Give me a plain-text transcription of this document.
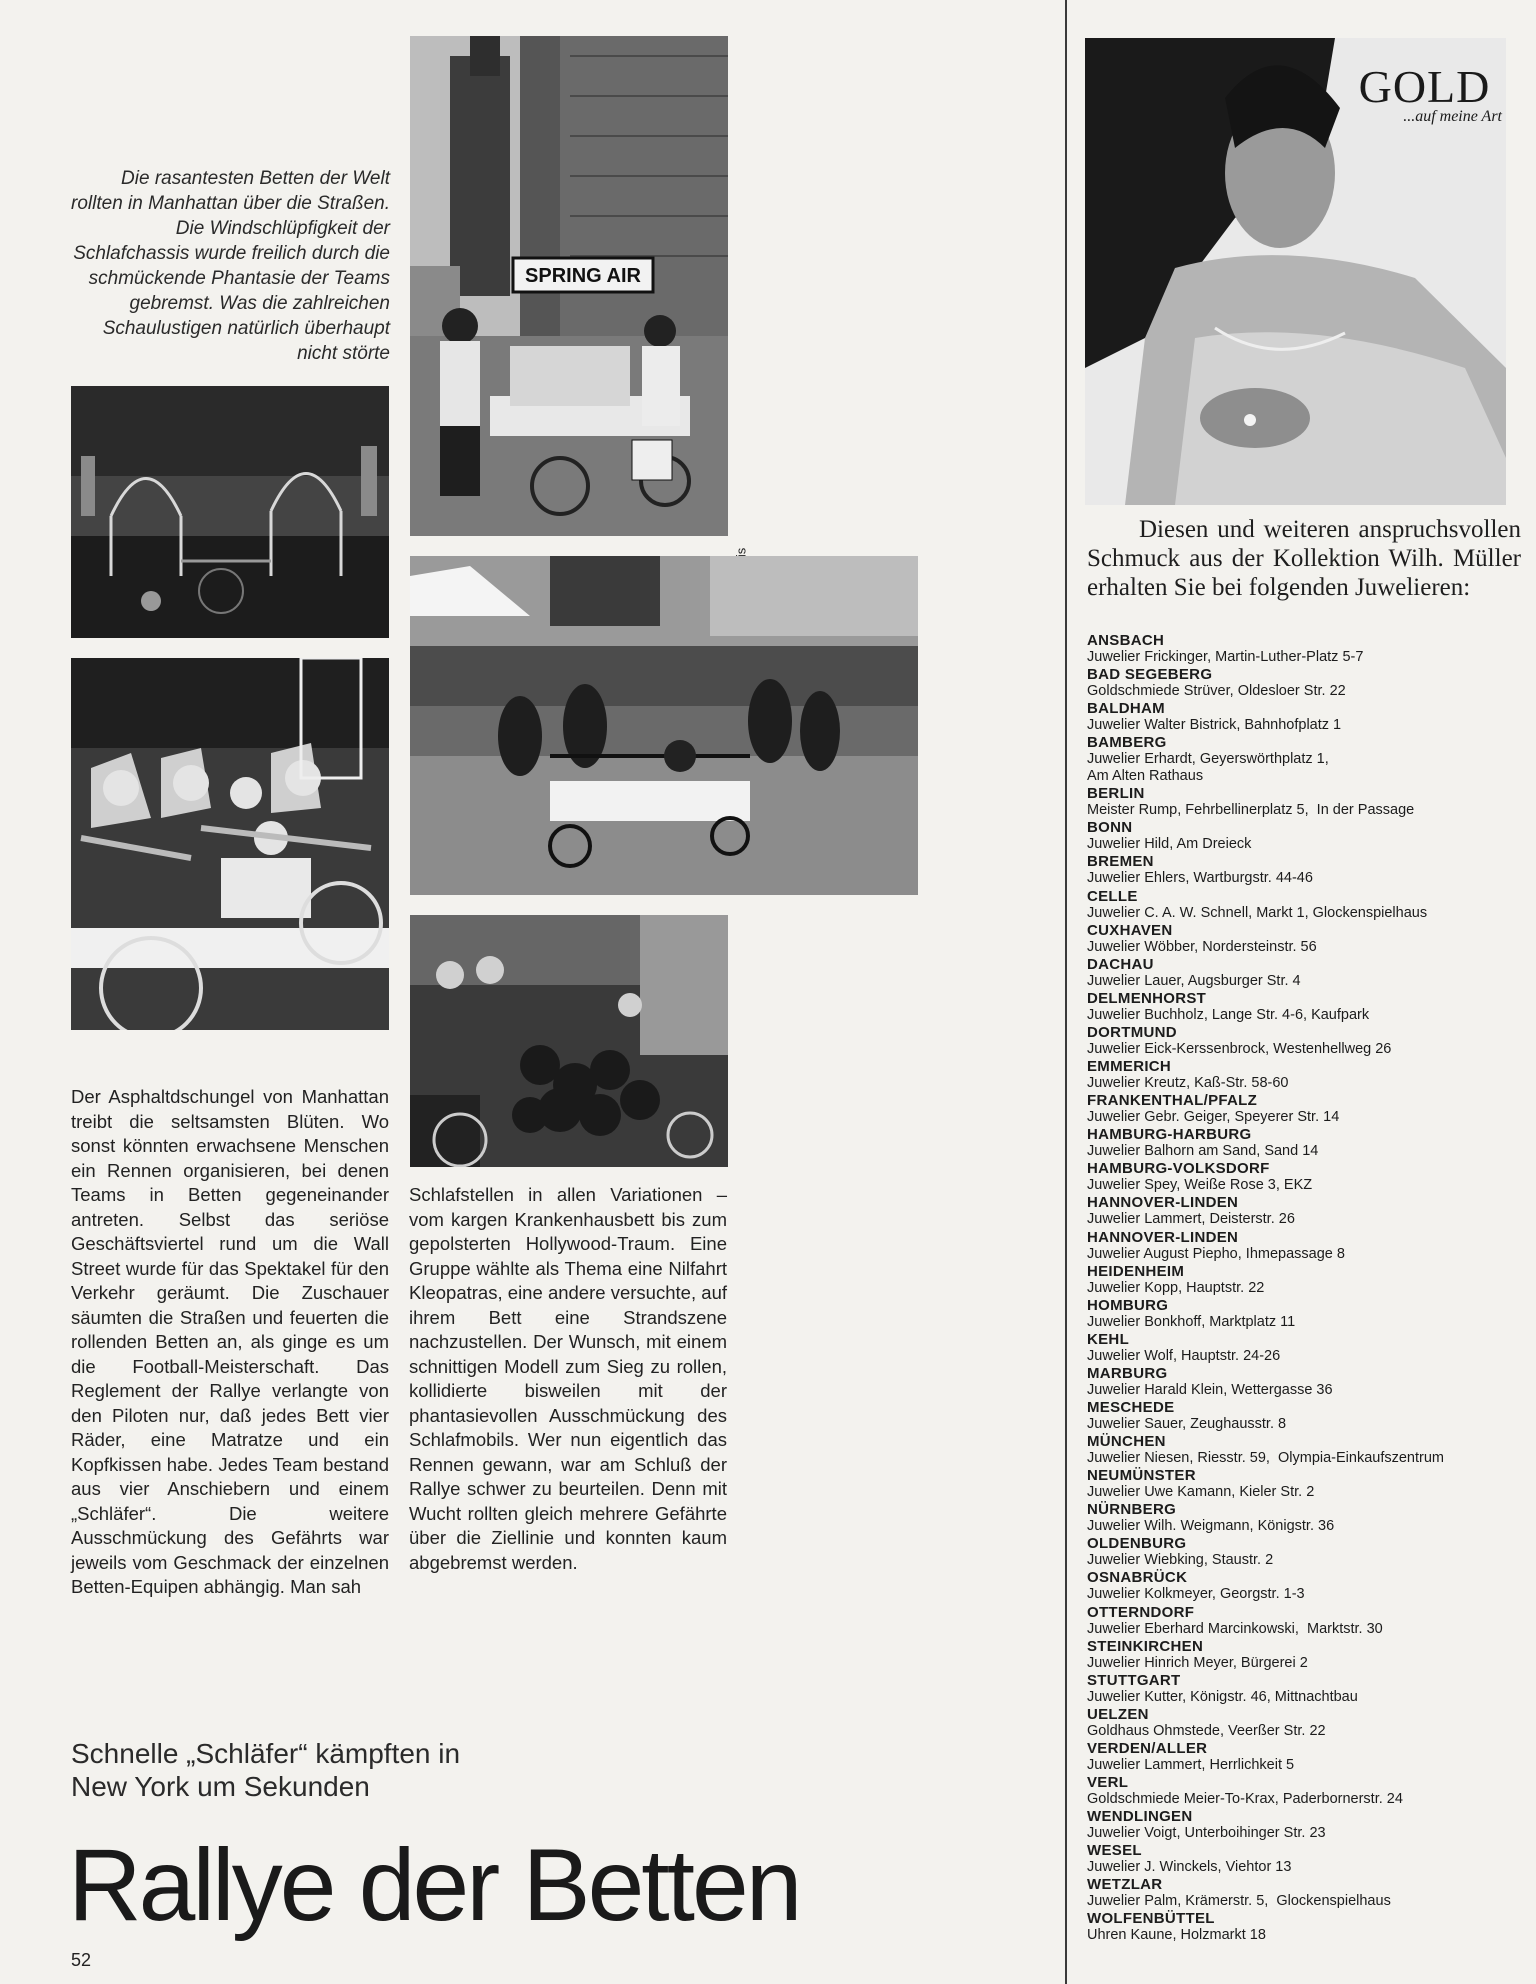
Die rasantesten Betten der Welt rollten in Manhattan über die Straßen. Die Windschlüpfigkeit der Schlafchassis wurde freilich durch die schmückende Phantasie der Teams gebremst. Was die zahlreichen Schaulustigen natürlich überhaupt nicht störte
SPRING AIR
Der Asphaltdschungel von Manhattan treibt die seltsamsten Blüten. Wo sonst könnten erwachsene Menschen ein Rennen organisieren, bei denen Teams in Betten gegeneinander antreten. Selbst das seriöse Geschäftsviertel rund um die Wall Street wurde für das Spektakel für den Verkehr geräumt. Die Zuschauer säumten die Straßen und feuerten die rollenden Betten an, als ginge es um die Football-Meisterschaft. Das Reglement der Rallye verlangte von den Piloten nur, daß jedes Bett vier Räder, eine Matratze und ein Kopfkissen habe. Jedes Team bestand aus vier Anschiebern und einem „Schläfer“. Die weitere Ausschmückung des Gefährts war jeweils vom Geschmack der einzelnen Betten-Equipen abhängig. Man sah
Schlafstellen in allen Variationen – vom kargen Krankenhausbett bis zum gepolsterten Hollywood-Traum. Eine Gruppe wählte als Thema eine Nilfahrt Kleopatras, eine andere versuchte, auf ihrem Bett eine Strandszene nachzustellen. Der Wunsch, mit einem schnittigen Modell zum Sieg zu rollen, kollidierte bisweilen mit der phantasievollen Ausschmückung des Schlafmobils. Wer nun eigentlich das Rennen gewann, war am Schluß der Rallye schwer zu beurteilen. Denn mit Wucht rollten gleich mehrere Gefährte über die Ziellinie und konnten kaum abgebremst werden.
Schnelle „Schläfer“ kämpften in
New York um Sekunden
Rallye der Betten
52
GOLD
...auf meine Art
Diesen und weiteren anspruchsvollen Schmuck aus der Kollektion Wilh. Müller erhalten Sie bei folgenden Juwelieren:
ANSBACH
Juwelier Frickinger, Martin-Luther-Platz 5-7
BAD SEGEBERG
Goldschmiede Strüver, Oldesloer Str. 22
BALDHAM
Juwelier Walter Bistrick, Bahnhofplatz 1
BAMBERG
Juwelier Erhardt, Geyerswörthplatz 1,
Am Alten Rathaus
BERLIN
Meister Rump, Fehrbellinerplatz 5,  In der Passage
BONN
Juwelier Hild, Am Dreieck
BREMEN
Juwelier Ehlers, Wartburgstr. 44-46
CELLE
Juwelier C. A. W. Schnell, Markt 1, Glockenspielhaus
CUXHAVEN
Juwelier Wöbber, Nordersteinstr. 56
DACHAU
Juwelier Lauer, Augsburger Str. 4
DELMENHORST
Juwelier Buchholz, Lange Str. 4-6, Kaufpark
DORTMUND
Juwelier Eick-Kerssenbrock, Westenhellweg 26
EMMERICH
Juwelier Kreutz, Kaß-Str. 58-60
FRANKENTHAL/PFALZ
Juwelier Gebr. Geiger, Speyerer Str. 14
HAMBURG-HARBURG
Juwelier Balhorn am Sand, Sand 14
HAMBURG-VOLKSDORF
Juwelier Spey, Weiße Rose 3, EKZ
HANNOVER-LINDEN
Juwelier Lammert, Deisterstr. 26
HANNOVER-LINDEN
Juwelier August Piepho, Ihmepassage 8
HEIDENHEIM
Juwelier Kopp, Hauptstr. 22
HOMBURG
Juwelier Bonkhoff, Marktplatz 11
KEHL
Juwelier Wolf, Hauptstr. 24-26
MARBURG
Juwelier Harald Klein, Wettergasse 36
MESCHEDE
Juwelier Sauer, Zeughausstr. 8
MÜNCHEN
Juwelier Niesen, Riesstr. 59,  Olympia-Einkaufszentrum
NEUMÜNSTER
Juwelier Uwe Kamann, Kieler Str. 2
NÜRNBERG
Juwelier Wilh. Weigmann, Königstr. 36
OLDENBURG
Juwelier Wiebking, Staustr. 2
OSNABRÜCK
Juwelier Kolkmeyer, Georgstr. 1-3
OTTERNDORF
Juwelier Eberhard Marcinkowski,  Marktstr. 30
STEINKIRCHEN
Juwelier Hinrich Meyer, Bürgerei 2
STUTTGART
Juwelier Kutter, Königstr. 46, Mittnachtbau
UELZEN
Goldhaus Ohmstede, Veerßer Str. 22
VERDEN/ALLER
Juwelier Lammert, Herrlichkeit 5
VERL
Goldschmiede Meier-To-Krax, Paderbornerstr. 24
WENDLINGEN
Juwelier Voigt, Unterboihinger Str. 23
WESEL
Juwelier J. Winckels, Viehtor 13
WETZLAR
Juwelier Palm, Krämerstr. 5,  Glockenspielhaus
WOLFENBÜTTEL
Uhren Kaune, Holzmarkt 18
